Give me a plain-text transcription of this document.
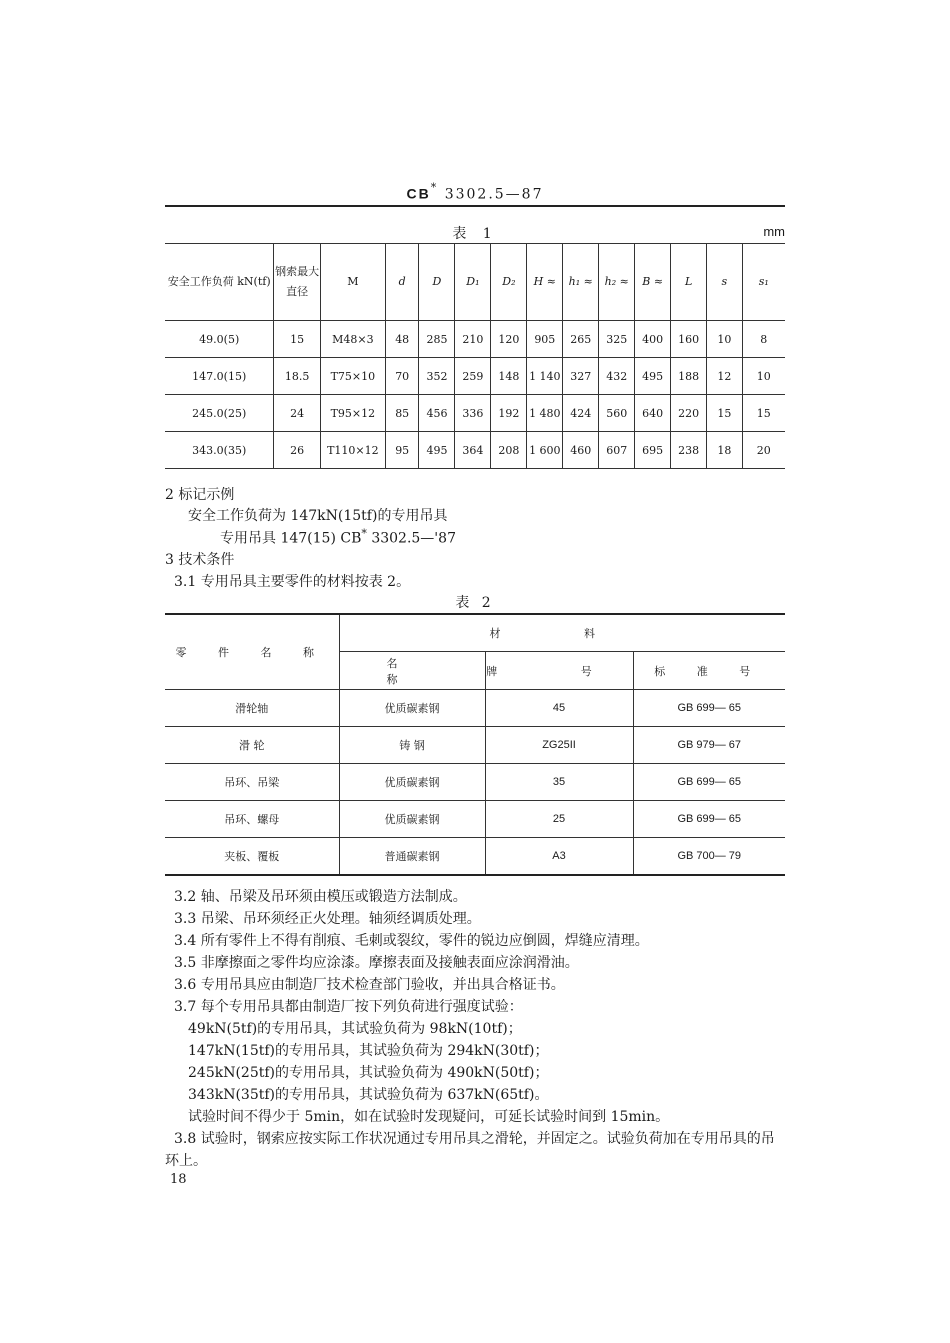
CB* 3302.5—87
表 1	mm
安全工作负荷 kN(tf)	钢索最大直径	M	d	D	D₁	D₂	H ≈	h₁ ≈	h₂ ≈	B ≈	L	s	s₁
49.0(5)	15	M48×3	48	285	210	120	905	265	325	400	160	10	8
147.0(15)	18.5	T75×10	70	352	259	148	1 140	327	432	495	188	12	10
245.0(25)	24	T95×12	85	456	336	192	1 480	424	560	640	220	15	15
343.0(35)	26	T110×12	95	495	364	208	1 600	460	607	695	238	18	20
2 标记示例
安全工作负荷为 147kN(15tf)的专用吊具
专用吊具 147(15) CB* 3302.5—'87
3 技术条件
3.1 专用吊具主要零件的材料按表 2。
表 2
零 件 名 称	材 料		
	名 称	牌 号	标 准 号
滑轮轴	优质碳素钢	45	GB 699— 65
滑 轮	铸 钢	ZG25II	GB 979— 67
吊环、吊梁	优质碳素钢	35	GB 699— 65
吊环、螺母	优质碳素钢	25	GB 699— 65
夹板、覆板	普通碳素钢	A3	GB 700— 79
3.2 轴、吊梁及吊环须由模压或锻造方法制成。
3.3 吊梁、吊环须经正火处理。轴须经调质处理。
3.4 所有零件上不得有削痕、毛刺或裂纹，零件的锐边应倒圆，焊缝应清理。
3.5 非摩擦面之零件均应涂漆。摩擦表面及接触表面应涂润滑油。
3.6 专用吊具应由制造厂技术检查部门验收，并出具合格证书。
3.7 每个专用吊具都由制造厂按下列负荷进行强度试验：
49kN(5tf)的专用吊具，其试验负荷为 98kN(10tf)；
147kN(15tf)的专用吊具，其试验负荷为 294kN(30tf)；
245kN(25tf)的专用吊具，其试验负荷为 490kN(50tf)；
343kN(35tf)的专用吊具，其试验负荷为 637kN(65tf)。
试验时间不得少于 5min，如在试验时发现疑问，可延长试验时间到 15min。
3.8 试验时，钢索应按实际工作状况通过专用吊具之滑轮，并固定之。试验负荷加在专用吊具的吊
环上。
18
